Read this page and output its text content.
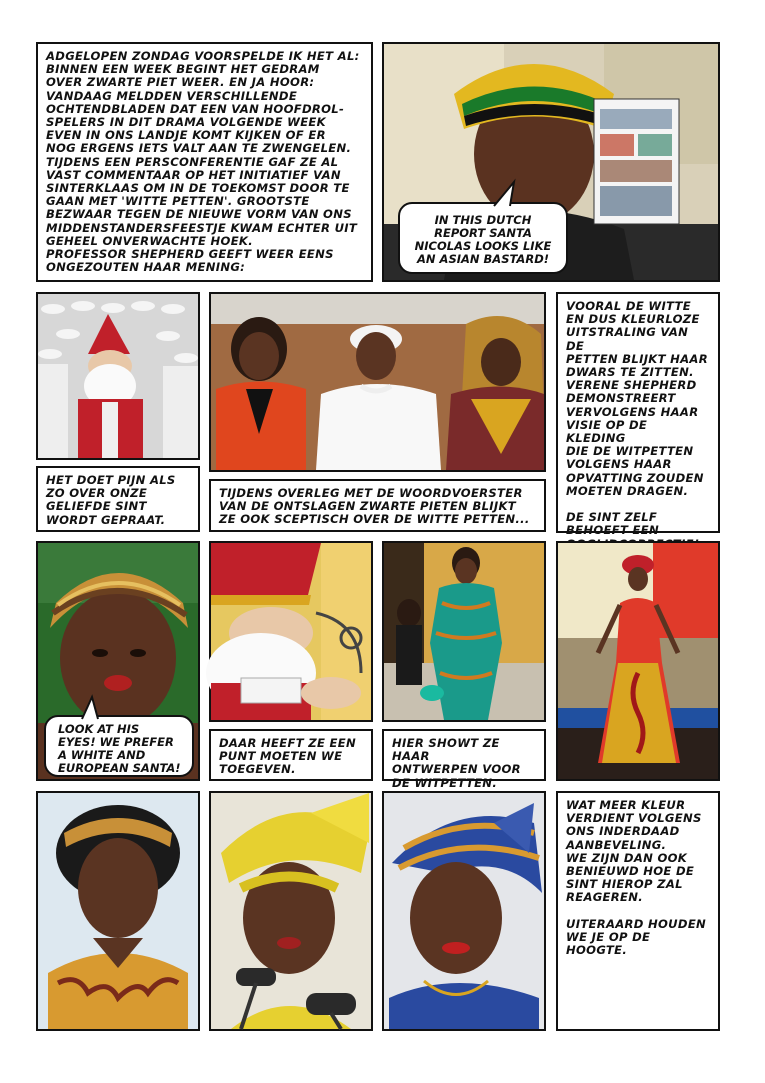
ADGELOPEN ZONDAG VOORSPELDE IK HET AL:
BINNEN EEN WEEK BEGINT HET GEDRAM
OVER ZWARTE PIET WEER. EN JA HOOR:
VANDAAG MELDDEN VERSCHILLENDE
OCHTENDBLADEN DAT EEN VAN HOOFDROL-
SPELERS IN DIT DRAMA VOLGENDE WEEK
EVEN IN ONS LANDJE KOMT KIJKEN OF ER
NOG ERGENS IETS VALT AAN TE ZWENGELEN.
TIJDENS EEN PERSCONFERENTIE GAF ZE AL
VAST COMMENTAAR OP HET INITIATIEF VAN
SINTERKLAAS OM IN DE TOEKOMST DOOR TE
GAAN MET 'WITTE PETTEN'. GROOTSTE
BEZWAAR TEGEN DE NIEUWE VORM VAN ONS
MIDDENSTANDERSFEESTJE KWAM ECHTER UIT
GEHEEL ONVERWACHTE HOEK.
PROFESSOR SHEPHERD GEEFT WEER EENS
ONGEZOUTEN HAAR MENING:
IN THIS DUTCH
REPORT SANTA
NICOLAS LOOKS LIKE
AN ASIAN BASTARD!
VOORAL DE WITTE
EN DUS KLEURLOZE
UITSTRALING VAN DE
PETTEN BLIJKT HAAR
DWARS TE ZITTEN.
VERENE SHEPHERD
DEMONSTREERT
VERVOLGENS HAAR
VISIE OP DE KLEDING
DIE DE WITPETTEN
VOLGENS HAAR
OPVATTING ZOUDEN
MOETEN DRAGEN.

DE SINT ZELF
BEHOEFT EEN

HET DOET PIJN ALS
ZO OVER ONZE
GELIEFDE SINT
WORDT GEPRAAT.
TIJDENS OVERLEG MET DE WOORDVOERSTER
VAN DE ONTSLAGEN ZWARTE PIETEN BLIJKT
ZE OOK SCEPTISCH OVER DE WITTE PETTEN...
LOOK AT HIS
EYES! WE PREFER
A WHITE AND
EUROPEAN SANTA!
DAAR HEEFT ZE EEN
PUNT MOETEN WE
TOEGEVEN.
HIER SHOWT ZE HAAR
ONTWERPEN VOOR
DE WITPETTEN.
WAT MEER KLEUR
VERDIENT VOLGENS
ONS INDERDAAD
AANBEVELING.
WE ZIJN DAN OOK
BENIEUWD HOE DE
SINT HIEROP ZAL
REAGEREN.

UITERAARD HOUDEN
WE JE OP DE
HOOGTE.
